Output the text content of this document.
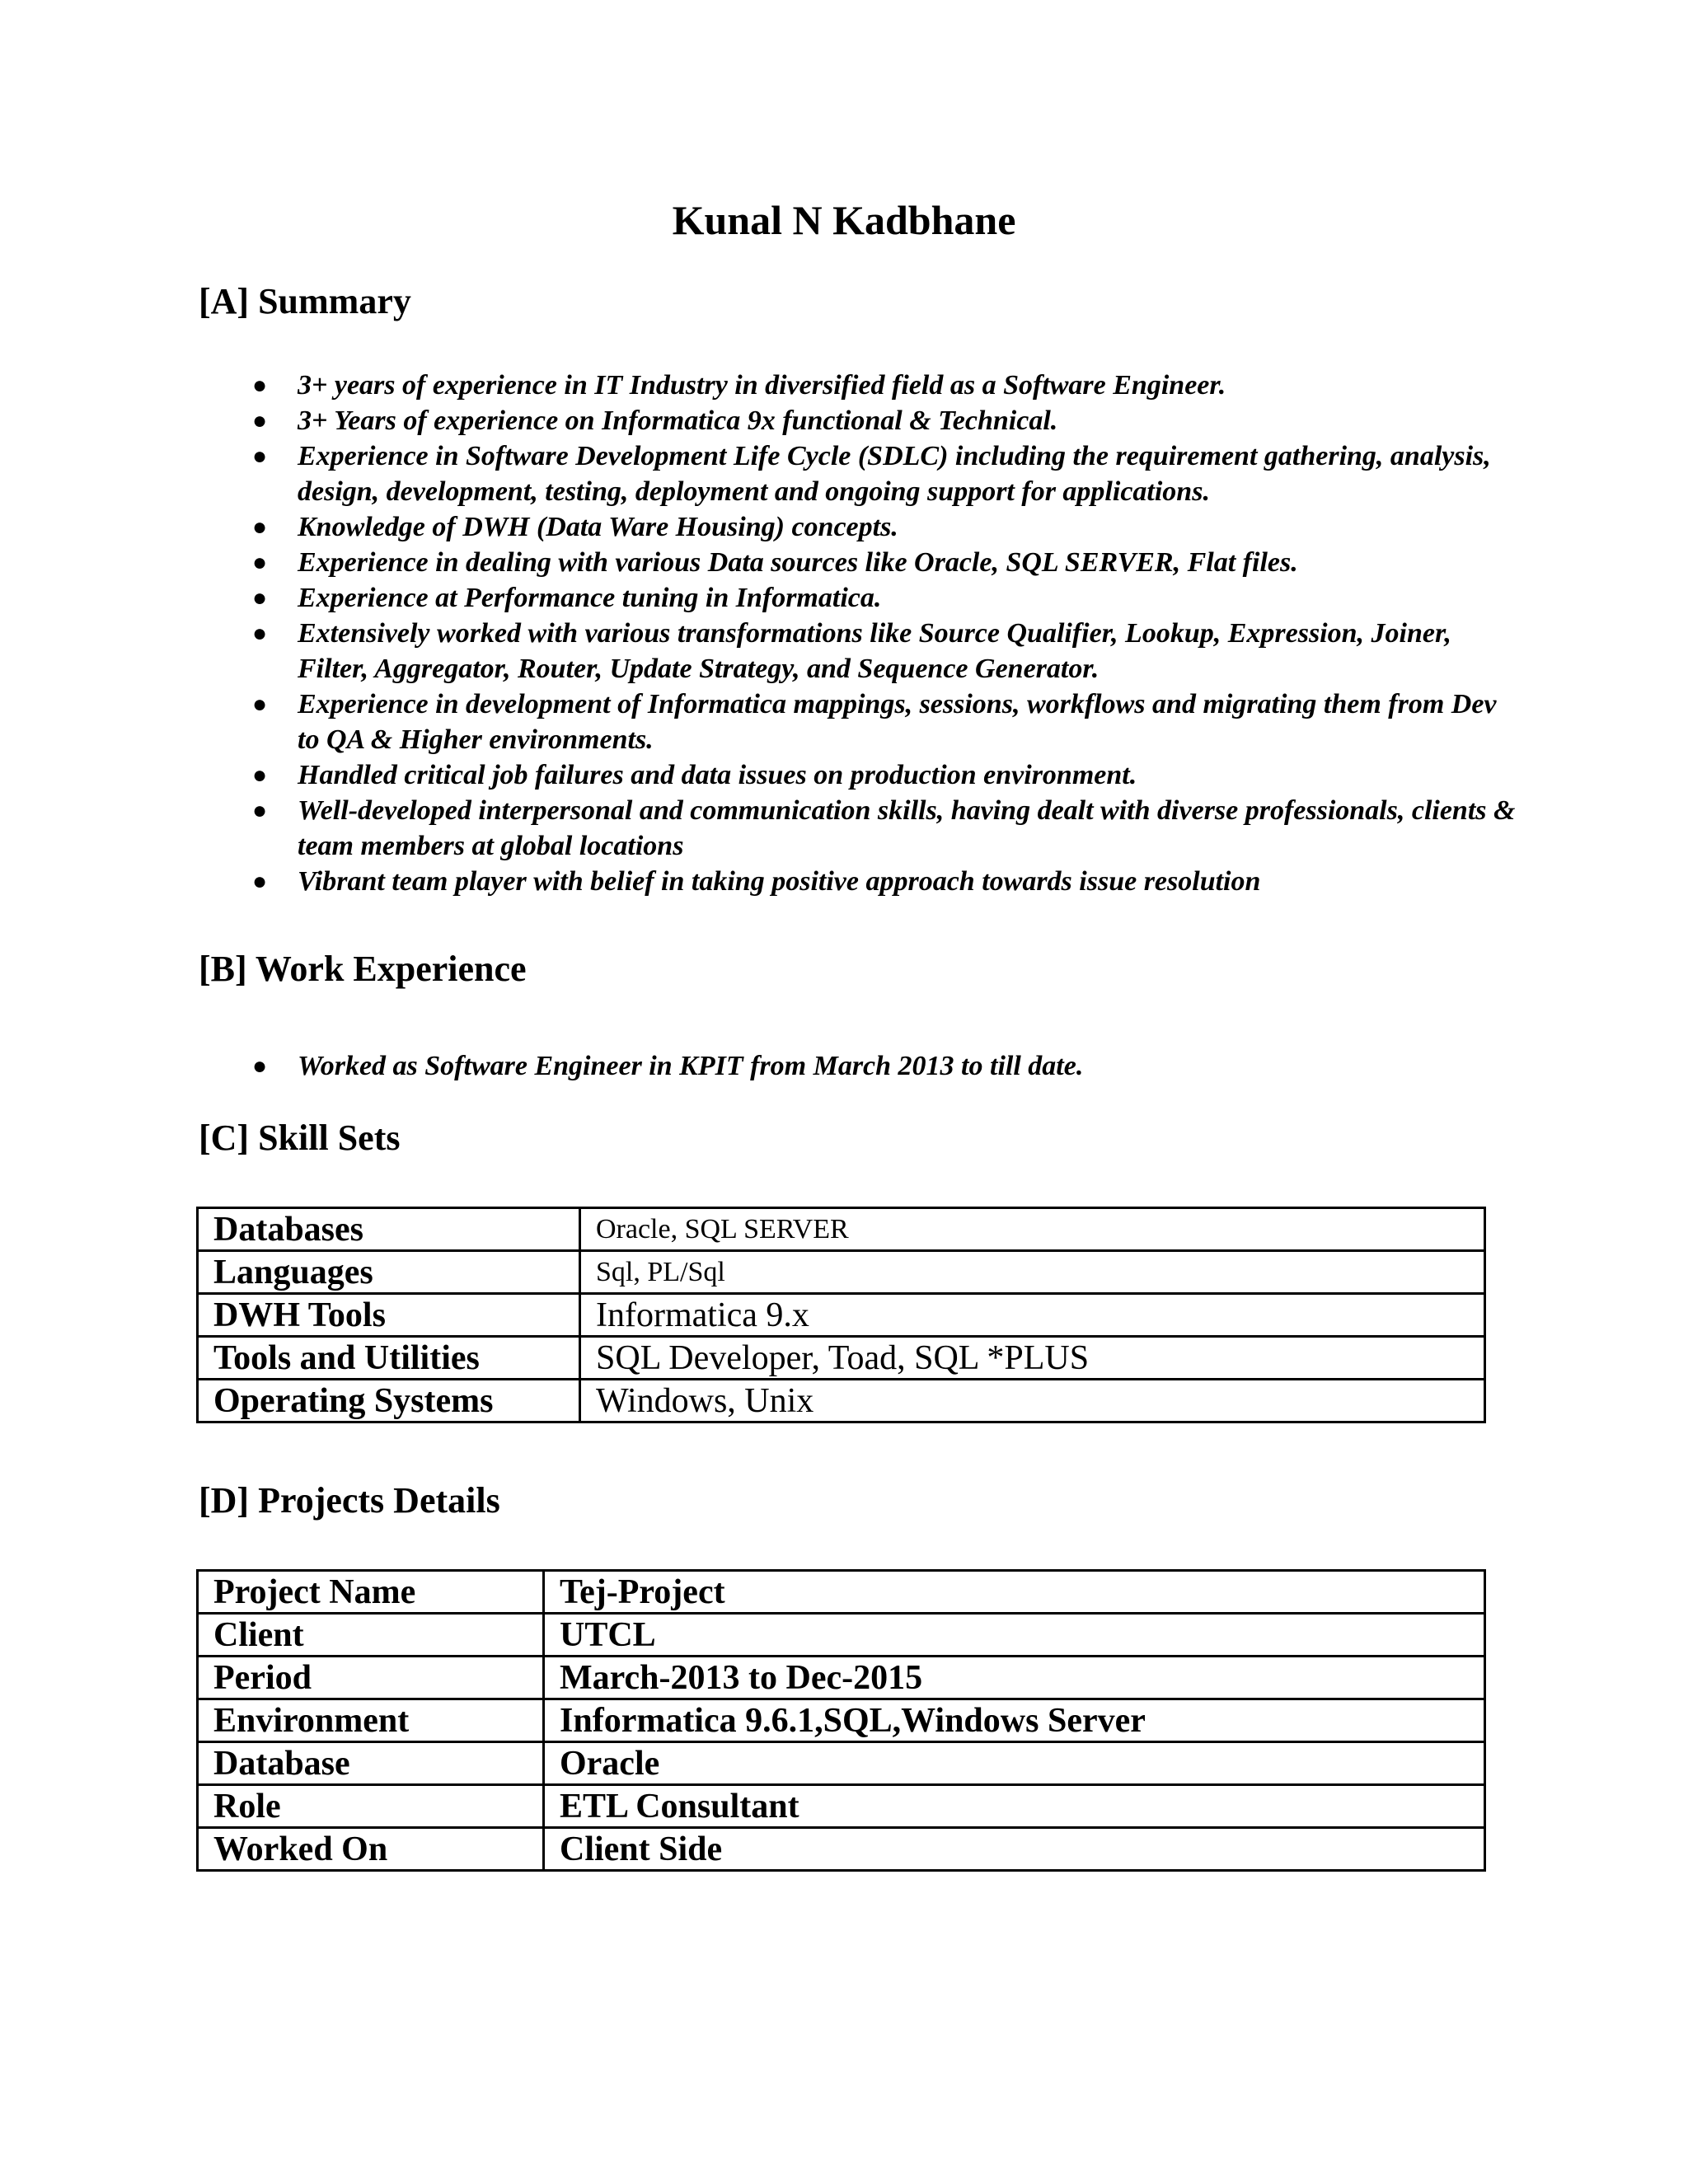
Kunal N Kadbhane
[A] Summary
● 3+ years of experience in IT Industry in diversified field as a Software Engineer.
● 3+ Years of experience on Informatica 9x functional & Technical.
● Experience in Software Development Life Cycle (SDLC) including the requirement gathering, analysis, design, development, testing, deployment and ongoing support for applications.
● Knowledge of DWH (Data Ware Housing) concepts.
● Experience in dealing with various Data sources like Oracle, SQL SERVER, Flat files.
● Experience at Performance tuning in Informatica.
● Extensively worked with various transformations like Source Qualifier, Lookup, Expression, Joiner, Filter, Aggregator, Router, Update Strategy, and Sequence Generator.
● Experience in development of Informatica mappings, sessions, workflows and migrating them from Dev to QA & Higher environments.
● Handled critical job failures and data issues on production environment.
● Well-developed interpersonal and communication skills, having dealt with diverse professionals, clients & team members at global locations
● Vibrant team player with belief in taking positive approach towards issue resolution
[B] Work Experience
● Worked as Software Engineer in KPIT from March 2013 to till date.
[C] Skill Sets
Databases	Oracle, SQL SERVER
Languages	Sql, PL/Sql
DWH Tools	Informatica 9.x
Tools and Utilities	SQL Developer, Toad, SQL *PLUS
Operating Systems	Windows, Unix
[D] Projects Details
Project Name	Tej-Project
Client	UTCL
Period	March-2013 to Dec-2015
Environment	Informatica 9.6.1,SQL,Windows Server
Database	Oracle
Role	ETL Consultant
Worked On	Client Side
